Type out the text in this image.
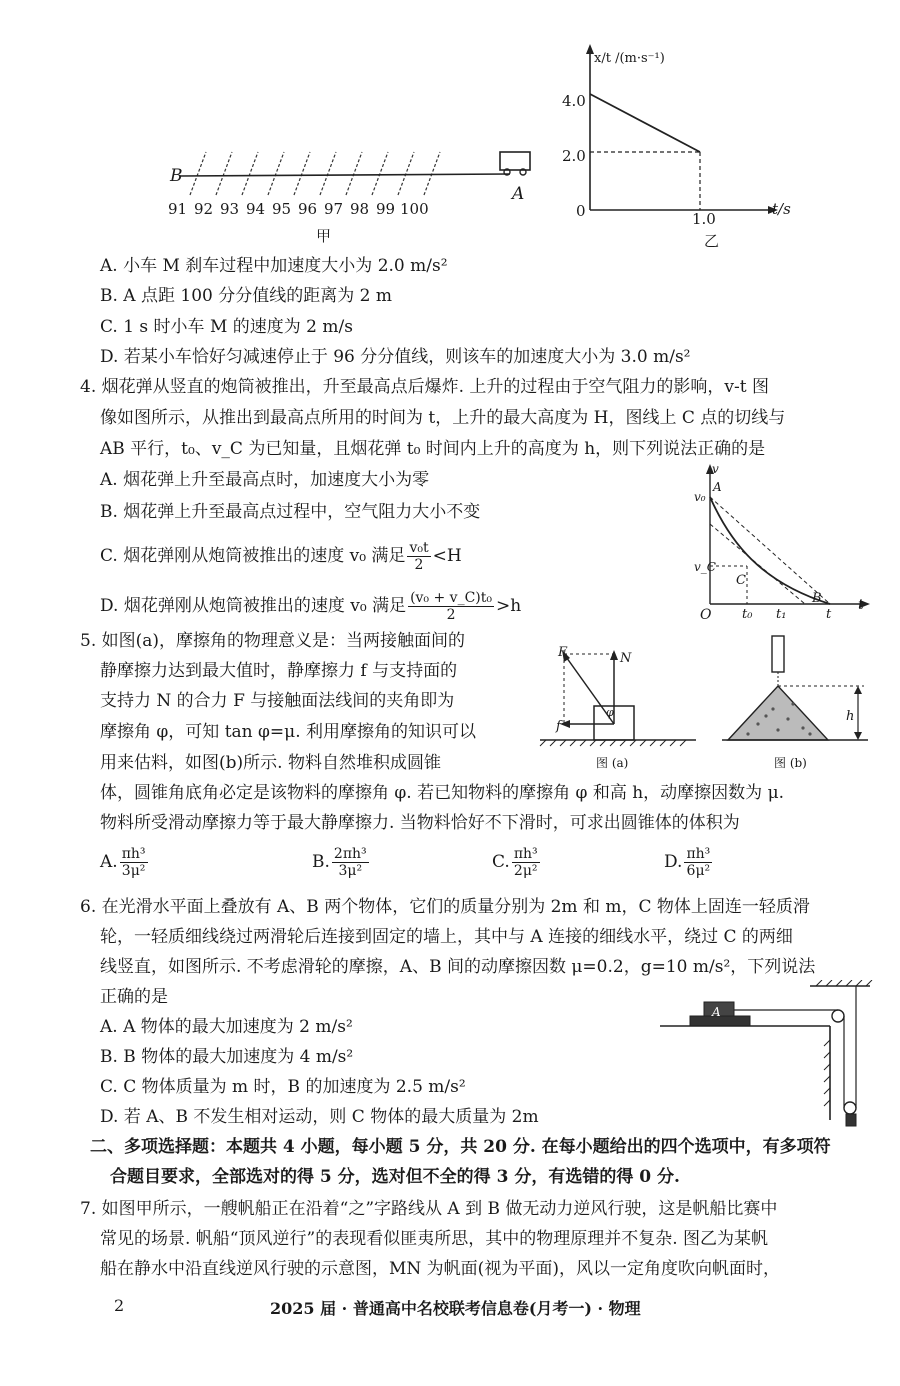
B
A
91 92 93 94 95 96 97 98 99 100
甲
x/t /(m·s⁻¹)
4.0
2.0
0	1.0
t/s
乙
A. 小车 M 刹车过程中加速度大小为 2.0 m/s²
B. A 点距 100 分分值线的距离为 2 m
C. 1 s 时小车 M 的速度为 2 m/s
D. 若某小车恰好匀减速停止于 96 分分值线，则该车的加速度大小为 3.0 m/s²
4. 烟花弹从竖直的炮筒被推出，升至最高点后爆炸. 上升的过程由于空气阻力的影响，v-t 图
像如图所示，从推出到最高点所用的时间为 t，上升的最大高度为 H，图线上 C 点的切线与
AB 平行，t₀、v_C 为已知量，且烟花弹 t₀ 时间内上升的高度为 h，则下列说法正确的是
A. 烟花弹上升至最高点时，加速度大小为零
B. 烟花弹上升至最高点过程中，空气阻力大小不变
C. 烟花弹刚从炮筒被推出的速度 v₀ 满足 $\frac{\text{v₀t}}{2} <H$
D. 烟花弹刚从炮筒被推出的速度 v₀ 满足 $\frac{\text{(v₀ + v\_C)t₀}}{2} >h$
v
v₀
A
v_C
C
B
O t₀ t₁	t
t
5. 如图(a)，摩擦角的物理意义是：当两接触面间的
静摩擦力达到最大值时，静摩擦力 f 与支持面的
支持力 N 的合力 F 与接触面法线间的夹角即为
摩擦角 φ，可知 tan φ=μ. 利用摩擦角的知识可以
用来估料，如图(b)所示. 物料自然堆积成圆锥
体，圆锥角底角必定是该物料的摩擦角 φ. 若已知物料的摩擦角 φ 和高 h，动摩擦因数为 μ.
物料所受滑动摩擦力等于最大静摩擦力. 当物料恰好不下滑时，可求出圆锥体的体积为
A. $\frac{\text{πh³}}{\text{3μ²}}$	B. $\frac{\text{2πh³}}{\text{3μ²}}$	C. $\frac{\text{πh³}}{\text{2μ²}}$	D. $\frac{\text{πh³}}{\text{6μ²}}$
F	N
f
φ
图 (a)
h
图 (b)
6. 在光滑水平面上叠放有 A、B 两个物体，它们的质量分别为 2m 和 m，C 物体上固连一轻质滑
轮，一轻质细线绕过两滑轮后连接到固定的墙上，其中与 A 连接的细线水平，绕过 C 的两细
线竖直，如图所示. 不考虑滑轮的摩擦，A、B 间的动摩擦因数 μ=0.2，g=10 m/s²，下列说法
正确的是
A. A 物体的最大加速度为 2 m/s²
B. B 物体的最大加速度为 4 m/s²
C. C 物体质量为 m 时，B 的加速度为 2.5 m/s²
D. 若 A、B 不发生相对运动，则 C 物体的最大质量为 2m
A
二、多项选择题：本题共 4 小题，每小题 5 分，共 20 分. 在每小题给出的四个选项中，有多项符
合题目要求，全部选对的得 5 分，选对但不全的得 3 分，有选错的得 0 分.
7. 如图甲所示，一艘帆船正在沿着“之”字路线从 A 到 B 做无动力逆风行驶，这是帆船比赛中
常见的场景. 帆船“顶风逆行”的表现看似匪夷所思，其中的物理原理并不复杂. 图乙为某帆
船在静水中沿直线逆风行驶的示意图，MN 为帆面(视为平面)，风以一定角度吹向帆面时，
2	2025 届 · 普通高中名校联考信息卷(月考一) · 物理
